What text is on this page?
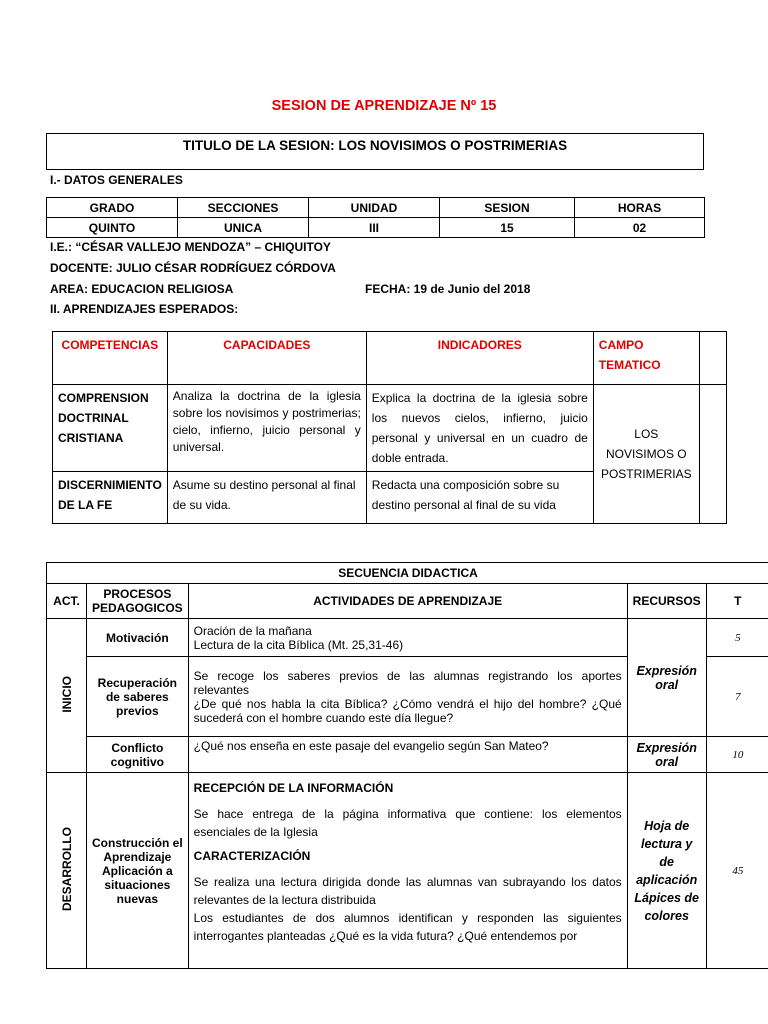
SESION DE APRENDIZAJE Nº 15
TITULO DE LA SESION: LOS NOVISIMOS O POSTRIMERIAS
I.- DATOS GENERALES
GRADO	SECCIONES	UNIDAD	SESION	HORAS
QUINTO	UNICA	III	15	02
I.E.: “CÉSAR VALLEJO MENDOZA” – CHIQUITOY
DOCENTE: JULIO CÉSAR RODRÍGUEZ CÓRDOVA
AREA: EDUCACION RELIGIOSA	FECHA: 19 de Junio del 2018
II. APRENDIZAJES ESPERADOS:
COMPETENCIAS	CAPACIDADES	INDICADORES	CAMPO TEMATICO	
COMPRENSION DOCTRINAL CRISTIANA	Analiza la doctrina de la iglesia sobre los novisimos y postrimerias; cielo, infierno, juicio personal y universal.	Explica la doctrina de la iglesia sobre los nuevos cielos, infierno, juicio personal y universal en un cuadro de doble entrada.	LOS NOVISIMOS O POSTRIMERIAS	
DISCERNIMIENTO DE LA FE	Asume su destino personal al final de su vida.	Redacta una composición sobre su destino personal al final de su vida		
SECUENCIA DIDACTICA				
ACT.	PROCESOS PEDAGOGICOS	ACTIVIDADES DE APRENDIZAJE	RECURSOS	T
INICIO	Motivación	Oración de la mañana

Lectura de la cita Bíblica (Mt. 25,31-46)	Expresión oral	5
	Recuperación de saberes previos	Se recoge los saberes previos de las alumnas registrando los aportes relevantes

¿De qué nos habla la cita Bíblica? ¿Cómo vendrá el hijo del hombre? ¿Qué sucederá con el hombre cuando este día llegue?		7
	Conflicto cognitivo	¿Qué nos enseña en este pasaje del evangelio según San Mateo?	Expresión oral	10
DESARROLLO	Construcción el Aprendizaje Aplicación a situaciones nuevas	RECEPCIÓN DE LA INFORMACIÓN

Se hace entrega de la página informativa que contiene: los elementos esenciales de la Iglesia

CARACTERIZACIÓN

Se realiza una lectura dirigida donde las alumnas van subrayando los datos relevantes de la lectura distribuida

Los estudiantes de dos alumnos identifican y responden las siguientes interrogantes planteadas ¿Qué es la vida futura? ¿Qué entendemos por	Hoja de lectura y de aplicación Lápices de colores	45
